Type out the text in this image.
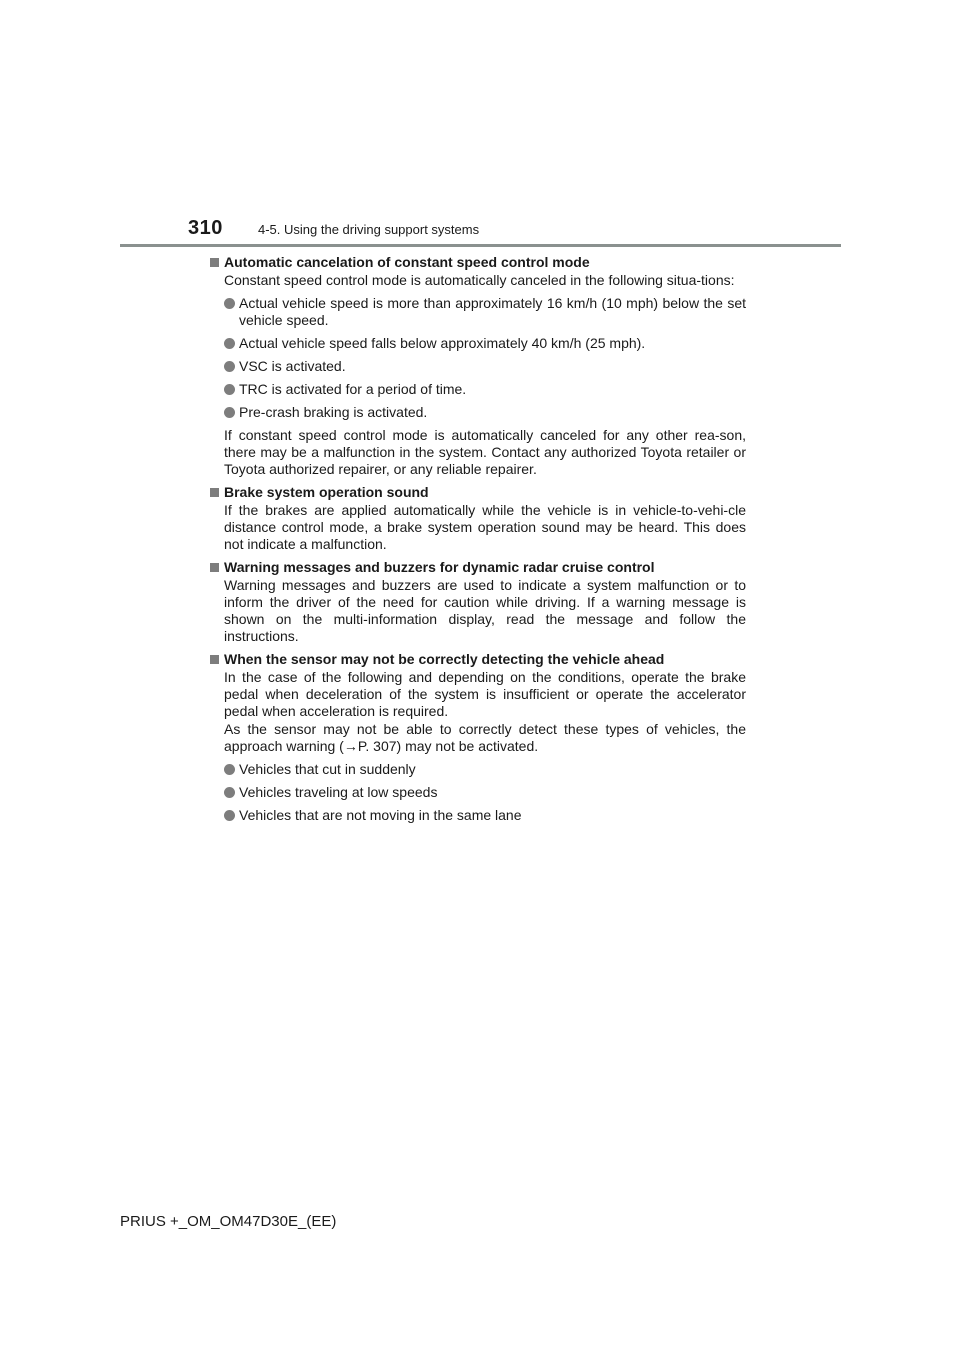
310	4-5. Using the driving support systems
Automatic cancelation of constant speed control mode
Constant speed control mode is automatically canceled in the following situa-tions:
Actual vehicle speed is more than approximately 16 km/h (10 mph) below the set vehicle speed.
Actual vehicle speed falls below approximately 40 km/h (25 mph).
VSC is activated.
TRC is activated for a period of time.
Pre-crash braking is activated.
If constant speed control mode is automatically canceled for any other rea-son, there may be a malfunction in the system. Contact any authorized Toyota retailer or Toyota authorized repairer, or any reliable repairer.
Brake system operation sound
If the brakes are applied automatically while the vehicle is in vehicle-to-vehi-cle distance control mode, a brake system operation sound may be heard. This does not indicate a malfunction.
Warning messages and buzzers for dynamic radar cruise control
Warning messages and buzzers are used to indicate a system malfunction or to inform the driver of the need for caution while driving. If a warning message is shown on the multi-information display, read the message and follow the instructions.
When the sensor may not be correctly detecting the vehicle ahead
In the case of the following and depending on the conditions, operate the brake pedal when deceleration of the system is insufficient or operate the accelerator pedal when acceleration is required.
As the sensor may not be able to correctly detect these types of vehicles, the approach warning (→P. 307) may not be activated.
Vehicles that cut in suddenly
Vehicles traveling at low speeds
Vehicles that are not moving in the same lane
PRIUS +_OM_OM47D30E_(EE)
